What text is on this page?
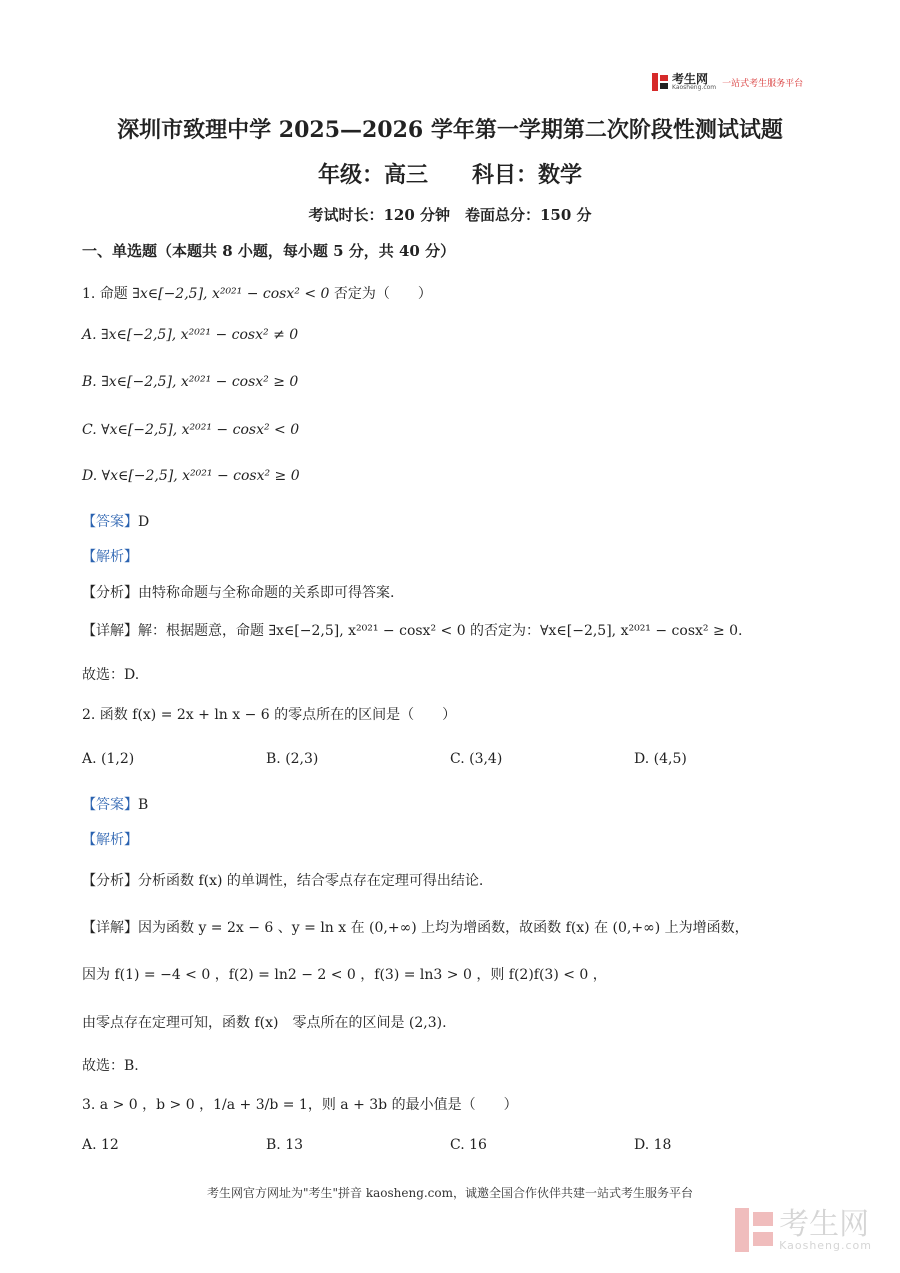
考生网
Kaosheng.com 一站式考生服务平台
深圳市致理中学 2025—2026 学年第一学期第二次阶段性测试试题
年级：高三　　科目：数学
考试时长：120 分钟　卷面总分：150 分
一、单选题（本题共 8 小题，每小题 5 分，共 40 分）
1. 命题 ∃x∈[−2,5], x²⁰²¹ − cosx² < 0 否定为（　　）
A. ∃x∈[−2,5], x²⁰²¹ − cosx² ≠ 0
B. ∃x∈[−2,5], x²⁰²¹ − cosx² ≥ 0
C. ∀x∈[−2,5], x²⁰²¹ − cosx² < 0
D. ∀x∈[−2,5], x²⁰²¹ − cosx² ≥ 0
【答案】D
【解析】
【分析】由特称命题与全称命题的关系即可得答案.
【详解】解：根据题意，命题 ∃x∈[−2,5], x²⁰²¹ − cosx² < 0 的否定为：∀x∈[−2,5], x²⁰²¹ − cosx² ≥ 0.
故选：D.
2. 函数 f(x) = 2x + ln x − 6 的零点所在的区间是（　　）
A. (1,2)	B. (2,3)	C. (3,4)	D. (4,5)
【答案】B
【解析】
【分析】分析函数 f(x) 的单调性，结合零点存在定理可得出结论.
【详解】因为函数 y = 2x − 6 、y = ln x 在 (0,+∞) 上均为增函数，故函数 f(x) 在 (0,+∞) 上为增函数，
因为 f(1) = −4 < 0 ，f(2) = ln2 − 2 < 0 ，f(3) = ln3 > 0 ，则 f(2)f(3) < 0 ，
由零点存在定理可知，函数 f(x)　零点所在的区间是 (2,3).
故选：B.
3. a > 0 ，b > 0 ，1/a + 3/b = 1，则 a + 3b 的最小值是（　　）
A. 12	B. 13	C. 16	D. 18
考生网官方网址为"考生"拼音 kaosheng.com，诚邀全国合作伙伴共建一站式考生服务平台
考生网
Kaosheng.com
